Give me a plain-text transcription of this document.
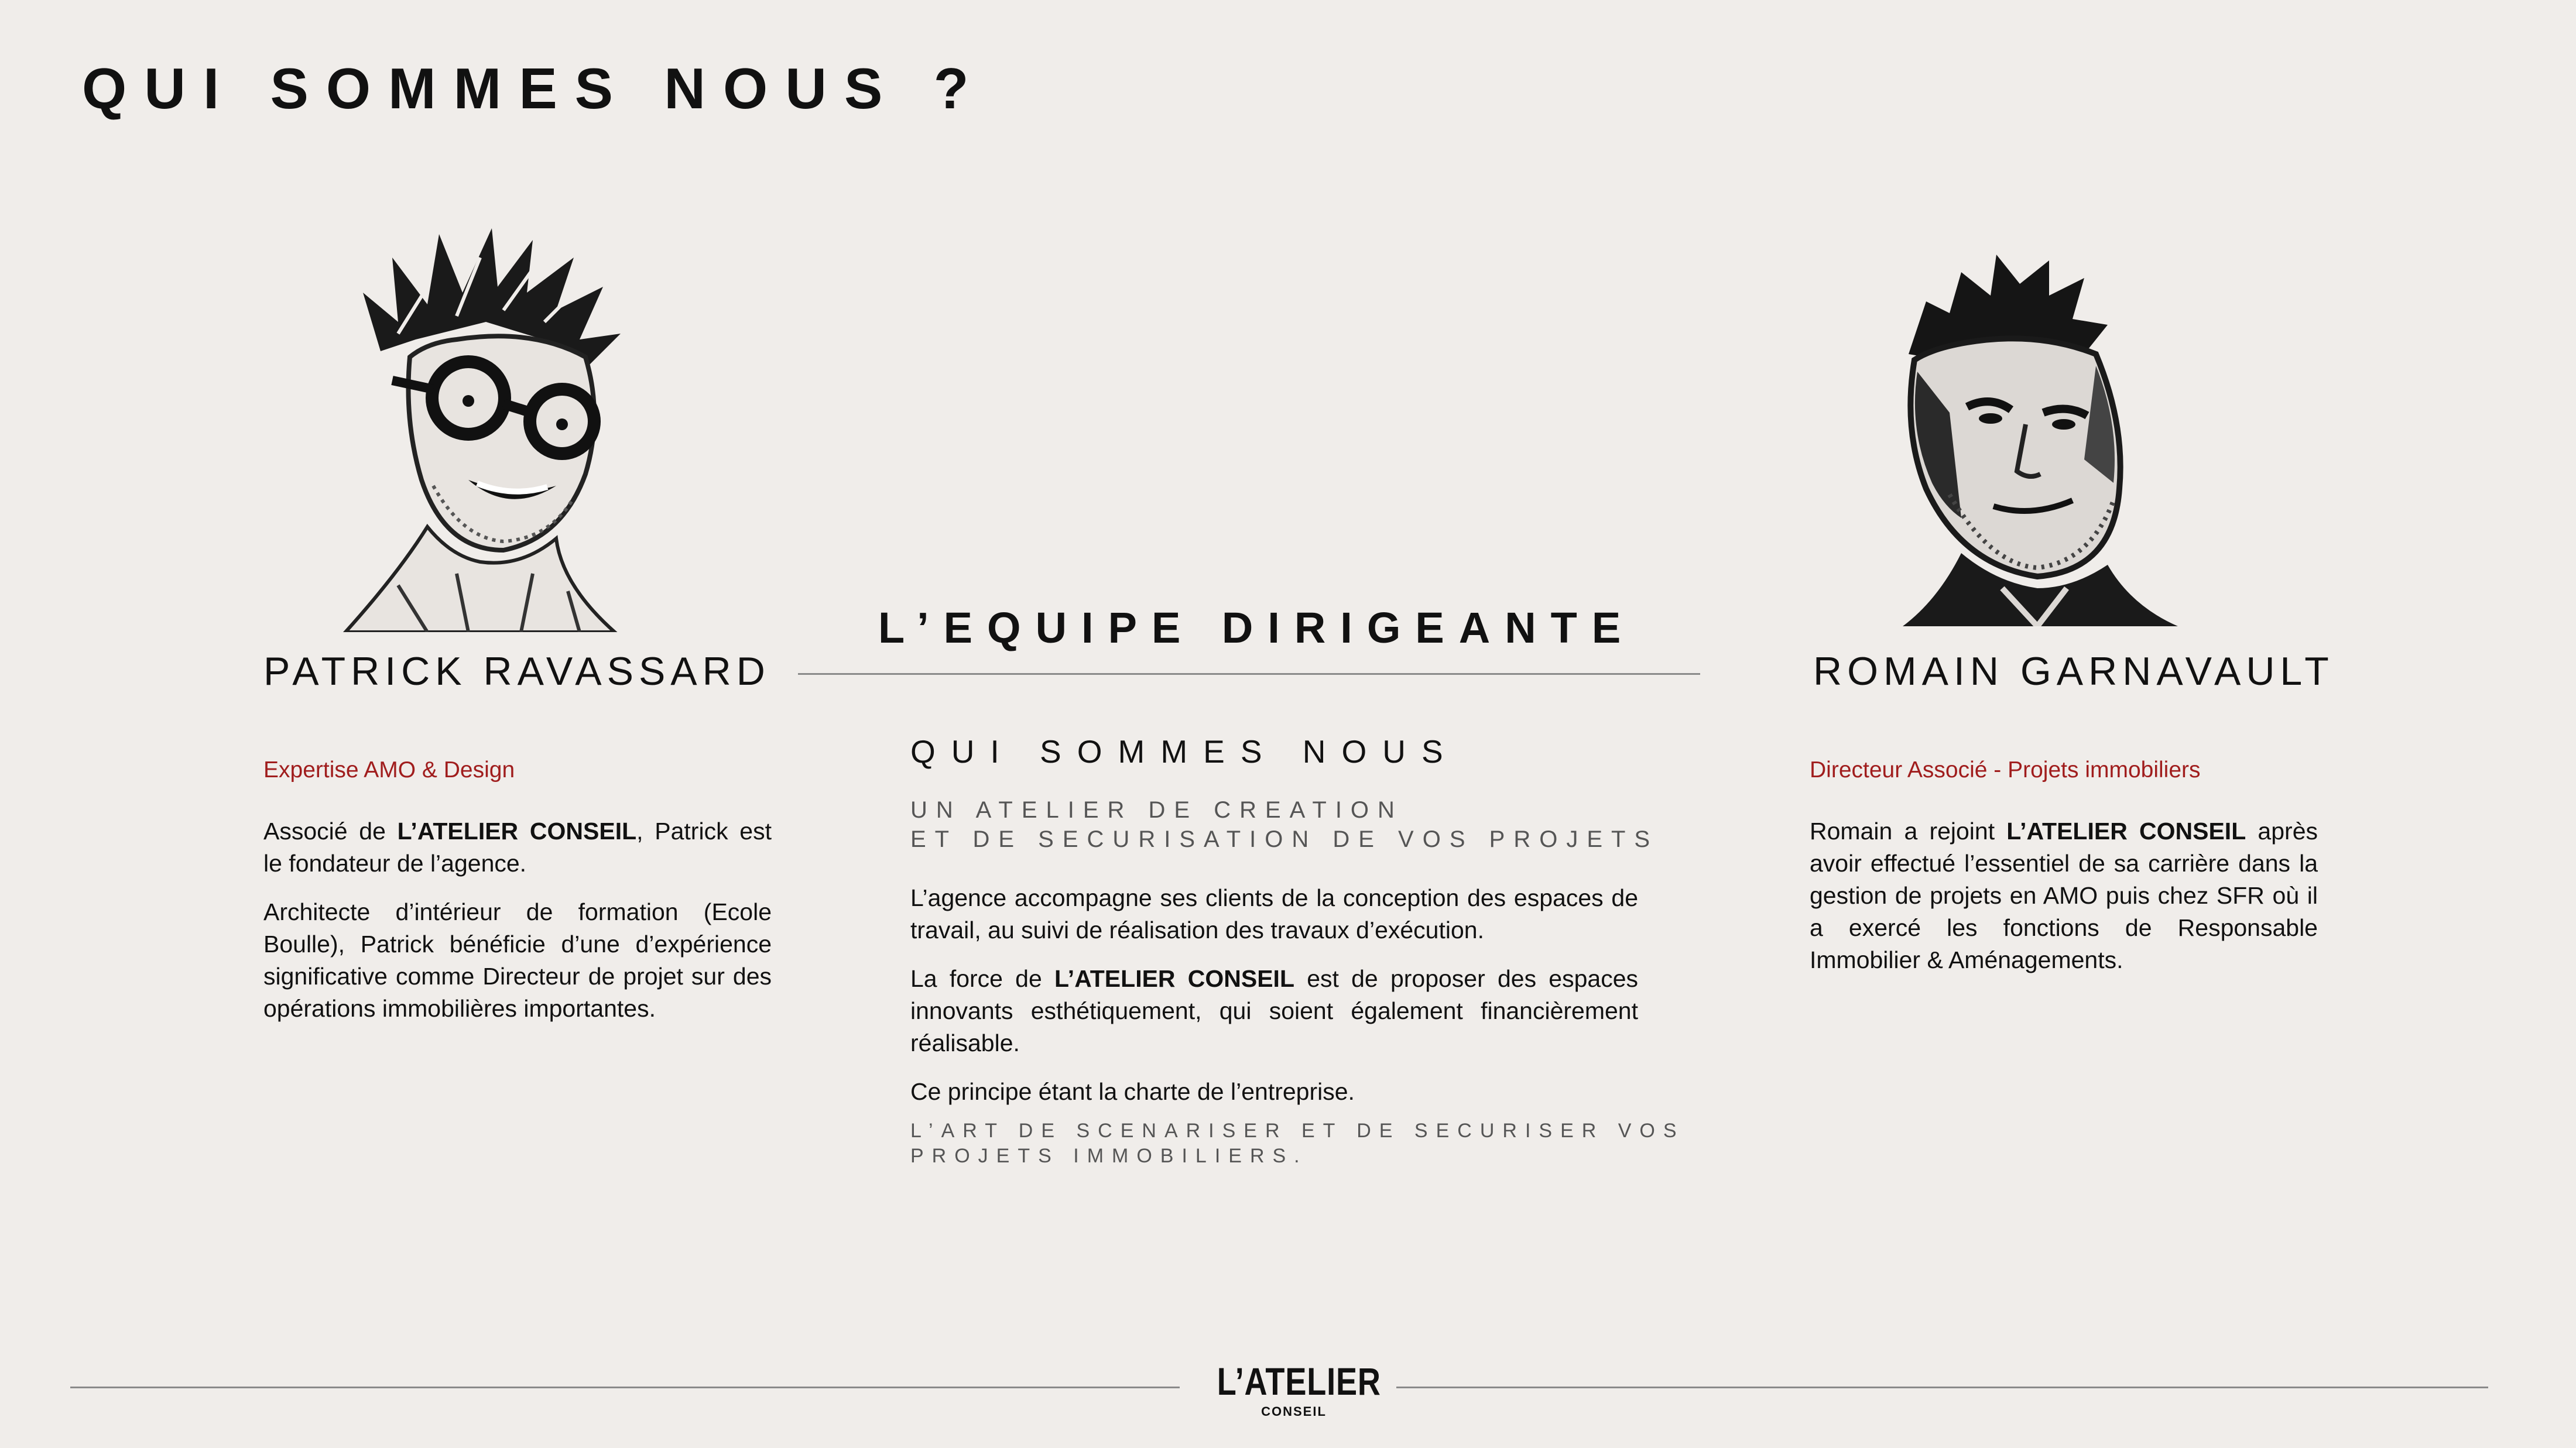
QUI SOMMES NOUS ?
PATRICK RAVASSARD
Expertise AMO & Design

Associé de L’ATELIER CONSEIL, Patrick est le fondateur de l’agence.

Architecte d’intérieur de formation (Ecole Boulle), Patrick bénéficie d’une d’expérience significative comme Directeur de projet sur des opérations immobilières importantes.

L’EQUIPE DIRIGEANTE
QUI SOMMES NOUS
UN ATELIER DE CREATION
ET DE SECURISATION DE VOS PROJETS

L’agence accompagne ses clients de la conception des espaces de travail, au suivi de réalisation des travaux d’exécution.

La force de L’ATELIER CONSEIL est de proposer des espaces innovants esthétiquement, qui soient également financièrement réalisable.

Ce principe étant la charte de l’entreprise.

L’ART DE SCENARISER ET DE SECURISER VOS
PROJETS IMMOBILIERS.
ROMAIN GARNAVAULT
Directeur Associé - Projets immobiliers

Romain a rejoint L’ATELIER CONSEIL après avoir effectué l’essentiel de sa carrière dans la gestion de projets en AMO puis chez SFR où il a exercé les fonctions de Responsable Immobilier & Aménagements.

L’ATELIER
CONSEIL
